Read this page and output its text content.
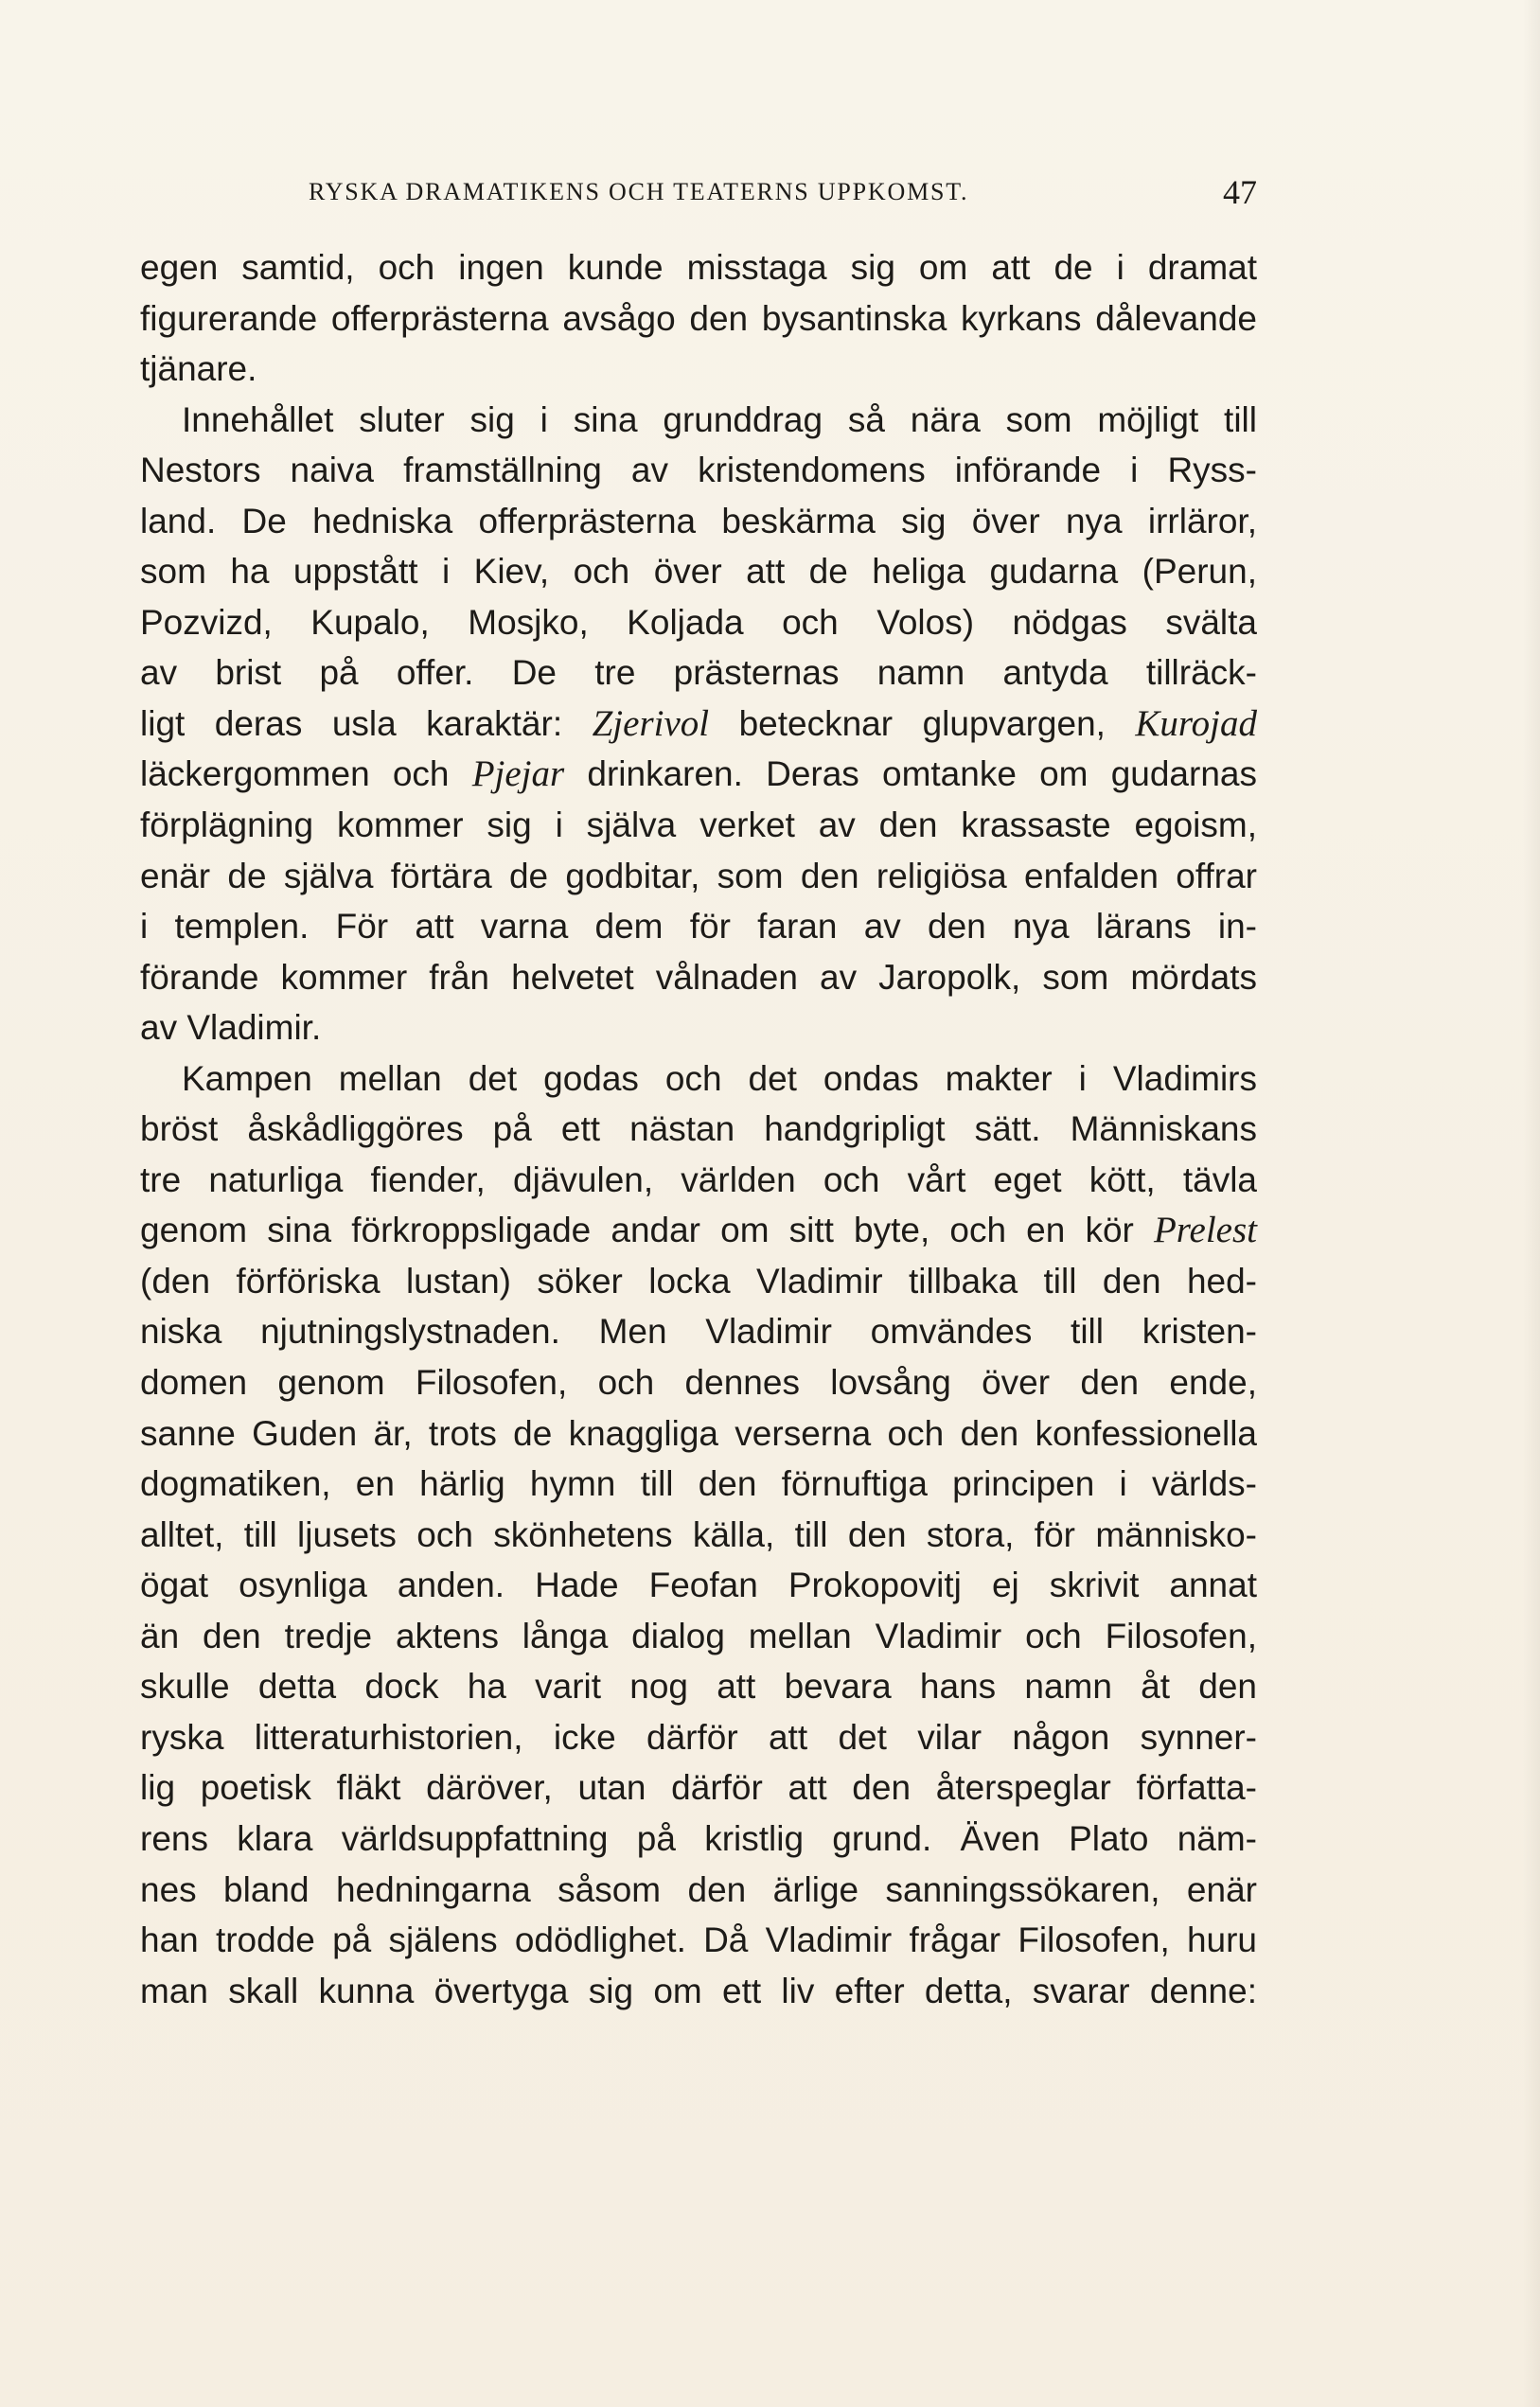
RYSKA DRAMATIKENS OCH TEATERNS UPPKOMST.	47
egen samtid, och ingen kunde misstaga sig om att de i dramat
figurerande offerprästerna avsågo den bysantinska kyrkans dålevande
tjänare.
Innehållet sluter sig i sina grunddrag så nära som möjligt till
Nestors naiva framställning av kristendomens införande i Ryss-
land. De hedniska offerprästerna beskärma sig över nya irrläror,
som ha uppstått i Kiev, och över att de heliga gudarna (Perun,
Pozvizd, Kupalo, Mosjko, Koljada och Volos) nödgas svälta
av brist på offer. De tre prästernas namn antyda tillräck-
ligt deras usla karaktär: Zjerivol betecknar glupvargen, Kurojad
läckergommen och Pjejar drinkaren. Deras omtanke om gudarnas
förplägning kommer sig i själva verket av den krassaste egoism,
enär de själva förtära de godbitar, som den religiösa enfalden offrar
i templen. För att varna dem för faran av den nya lärans in-
förande kommer från helvetet vålnaden av Jaropolk, som mördats
av Vladimir.
Kampen mellan det godas och det ondas makter i Vladimirs
bröst åskådliggöres på ett nästan handgripligt sätt. Människans
tre naturliga fiender, djävulen, världen och vårt eget kött, tävla
genom sina förkroppsligade andar om sitt byte, och en kör Prelest
(den förföriska lustan) söker locka Vladimir tillbaka till den hed-
niska njutningslystnaden. Men Vladimir omvändes till kristen-
domen genom Filosofen, och dennes lovsång över den ende,
sanne Guden är, trots de knaggliga verserna och den konfessionella
dogmatiken, en härlig hymn till den förnuftiga principen i världs-
alltet, till ljusets och skönhetens källa, till den stora, för människo-
ögat osynliga anden. Hade Feofan Prokopovitj ej skrivit annat
än den tredje aktens långa dialog mellan Vladimir och Filosofen,
skulle detta dock ha varit nog att bevara hans namn åt den
ryska litteraturhistorien, icke därför att det vilar någon synner-
lig poetisk fläkt däröver, utan därför att den återspeglar författa-
rens klara världsuppfattning på kristlig grund. Även Plato näm-
nes bland hedningarna såsom den ärlige sanningssökaren, enär
han trodde på själens odödlighet. Då Vladimir frågar Filosofen, huru
man skall kunna övertyga sig om ett liv efter detta, svarar denne:
